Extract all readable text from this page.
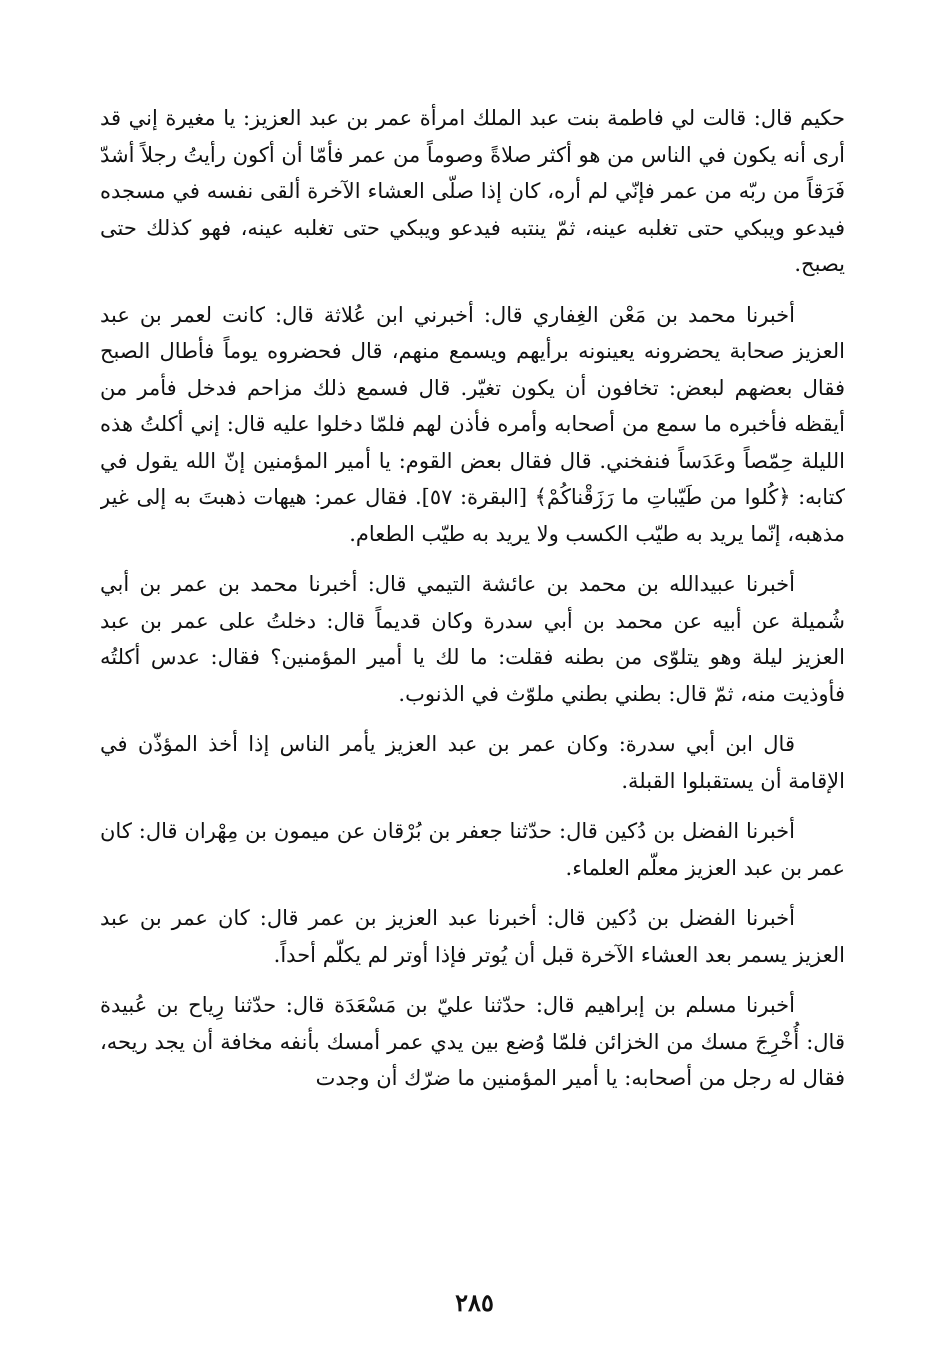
حكيم قال: قالت لي فاطمة بنت عبد الملك امرأة عمر بن عبد العزيز: يا مغيرة إني قد أرى أنه يكون في الناس من هو أكثر صلاةً وصوماً من عمر فأمّا أن أكون رأيتُ رجلاً أشدّ فَرَقاً من ربّه من عمر فإنّي لم أره، كان إذا صلّى العشاء الآخرة ألقى نفسه في مسجده فيدعو ويبكي حتى تغلبه عينه، ثمّ ينتبه فيدعو ويبكي حتى تغلبه عينه، فهو كذلك حتى يصبح.

أخبرنا محمد بن مَعْن الغِفاري قال: أخبرني ابن عُلاثة قال: كانت لعمر بن عبد العزيز صحابة يحضرونه يعينونه برأيهم ويسمع منهم، قال فحضروه يوماً فأطال الصبح فقال بعضهم لبعض: تخافون أن يكون تغيّر. قال فسمع ذلك مزاحم فدخل فأمر من أيقظه فأخبره ما سمع من أصحابه وأمره فأذن لهم فلمّا دخلوا عليه قال: إني أكلتُ هذه الليلة حِمّصاً وعَدَساً فنفخني. قال فقال بعض القوم: يا أمير المؤمنين إنّ الله يقول في كتابه: ﴿كُلوا من طَيّباتِ ما رَزَقْناكُمْ﴾ [البقرة: ٥٧]. فقال عمر: هيهات ذهبتَ به إلى غير مذهبه، إنّما يريد به طيّب الكسب ولا يريد به طيّب الطعام.

أخبرنا عبيدالله بن محمد بن عائشة التيمي قال: أخبرنا محمد بن عمر بن أبي شُميلة عن أبيه عن محمد بن أبي سدرة وكان قديماً قال: دخلتُ على عمر بن عبد العزيز ليلة وهو يتلوّى من بطنه فقلت: ما لك يا أمير المؤمنين؟ فقال: عدس أكلتُه فأوذيت منه، ثمّ قال: بطني بطني ملوّث في الذنوب.

قال ابن أبي سدرة: وكان عمر بن عبد العزيز يأمر الناس إذا أخذ المؤذّن في الإقامة أن يستقبلوا القبلة.

أخبرنا الفضل بن دُكين قال: حدّثنا جعفر بن بُرْقان عن ميمون بن مِهْران قال: كان عمر بن عبد العزيز معلّم العلماء.

أخبرنا الفضل بن دُكين قال: أخبرنا عبد العزيز بن عمر قال: كان عمر بن عبد العزيز يسمر بعد العشاء الآخرة قبل أن يُوتر فإذا أوتر لم يكلّم أحداً.

أخبرنا مسلم بن إبراهيم قال: حدّثنا عليّ بن مَسْعَدَة قال: حدّثنا رِياح بن عُبيدة قال: أُخْرِجَ مسك من الخزائن فلمّا وُضع بين يدي عمر أمسك بأنفه مخافة أن يجد ريحه، فقال له رجل من أصحابه: يا أمير المؤمنين ما ضرّك أن وجدت

٢٨٥
